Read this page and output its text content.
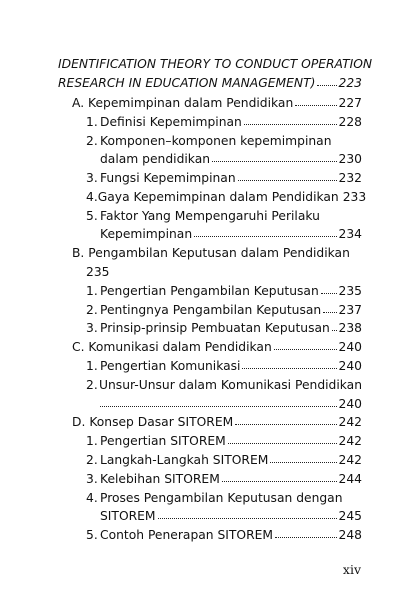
IDENTIFICATION THEORY TO CONDUCT OPERATION
RESEARCH IN EDUCATION MANAGEMENT) 223
A. Kepemimpinan dalam Pendidikan	227
1. Definisi Kepemimpinan	228
2. Komponen–komponen kepemimpinan
dalam pendidikan	230
3. Fungsi Kepemimpinan	232
4. Gaya Kepemimpinan dalam Pendidikan 233
5. Faktor Yang Mempengaruhi Perilaku
Kepemimpinan	234
B. Pengambilan Keputusan dalam Pendidikan
235
1. Pengertian Pengambilan Keputusan 235
2. Pentingnya Pengambilan Keputusan 237
3. Prinsip-prinsip Pembuatan Keputusan 238
C. Komunikasi dalam Pendidikan	240
1. Pengertian Komunikasi	240
2. Unsur-Unsur dalam Komunikasi Pendidikan
240
D. Konsep Dasar SITOREM	242
1. Pengertian SITOREM	242
2. Langkah-Langkah SITOREM	242
3. Kelebihan SITOREM	244
4. Proses Pengambilan Keputusan dengan
SITOREM	245
5. Contoh Penerapan SITOREM	248
xiv
